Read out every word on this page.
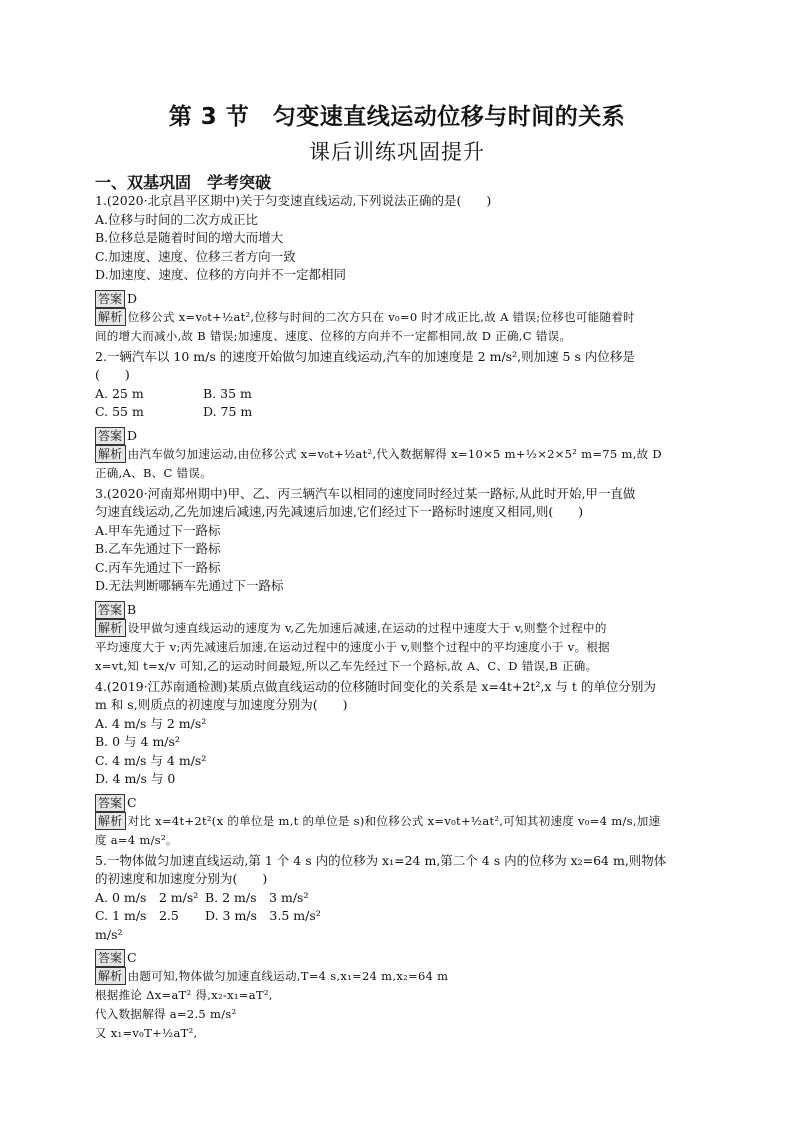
第 3 节　匀变速直线运动位移与时间的关系
课后训练巩固提升
一、双基巩固　学考突破
1.(2020·北京昌平区期中)关于匀变速直线运动,下列说法正确的是(　　)
A.位移与时间的二次方成正比
B.位移总是随着时间的增大而增大
C.加速度、速度、位移三者方向一致
D.加速度、速度、位移的方向并不一定都相同
答案 D
解析 位移公式 x=v₀t+½at²,位移与时间的二次方只在 v₀=0 时才成正比,故 A 错误;位移也可能随着时
间的增大而减小,故 B 错误;加速度、速度、位移的方向并不一定都相同,故 D 正确,C 错误。
2.一辆汽车以 10 m/s 的速度开始做匀加速直线运动,汽车的加速度是 2 m/s²,则加速 5 s 内位移是
(　　)
A. 25 m	B. 35 m
C. 55 m	D. 75 m
答案 D
解析 由汽车做匀加速运动,由位移公式 x=v₀t+½at²,代入数据解得 x=10×5 m+½×2×5² m=75 m,故 D
正确,A、B、C 错误。
3.(2020·河南郑州期中)甲、乙、丙三辆汽车以相同的速度同时经过某一路标,从此时开始,甲一直做
匀速直线运动,乙先加速后减速,丙先减速后加速,它们经过下一路标时速度又相同,则(　　)
A.甲车先通过下一路标
B.乙车先通过下一路标
C.丙车先通过下一路标
D.无法判断哪辆车先通过下一路标
答案 B
解析 设甲做匀速直线运动的速度为 v,乙先加速后减速,在运动的过程中速度大于 v,则整个过程中的
平均速度大于 v;丙先减速后加速,在运动过程中的速度小于 v,则整个过程中的平均速度小于 v。根据
x=vt,知 t=x/v 可知,乙的运动时间最短,所以乙车先经过下一个路标,故 A、C、D 错误,B 正确。
4.(2019·江苏南通检测)某质点做直线运动的位移随时间变化的关系是 x=4t+2t²,x 与 t 的单位分别为
m 和 s,则质点的初速度与加速度分别为(　　)
A. 4 m/s 与 2 m/s²
B. 0 与 4 m/s²
C. 4 m/s 与 4 m/s²
D. 4 m/s 与 0
答案 C
解析 对比 x=4t+2t²(x 的单位是 m,t 的单位是 s)和位移公式 x=v₀t+½at²,可知其初速度 v₀=4 m/s,加速
度 a=4 m/s²。
5.一物体做匀加速直线运动,第 1 个 4 s 内的位移为 x₁=24 m,第二个 4 s 内的位移为 x₂=64 m,则物体
的初速度和加速度分别为(　　)
A. 0 m/s　2 m/s² B. 2 m/s　3 m/s²
C. 1 m/s　2.5 m/s²
D. 3 m/s　3.5 m/s²
答案 C
解析 由题可知,物体做匀加速直线运动,T=4 s,x₁=24 m,x₂=64 m
根据推论 Δx=aT² 得,x₂-x₁=aT²,
代入数据解得 a=2.5 m/s²
又 x₁=v₀T+½aT²,
